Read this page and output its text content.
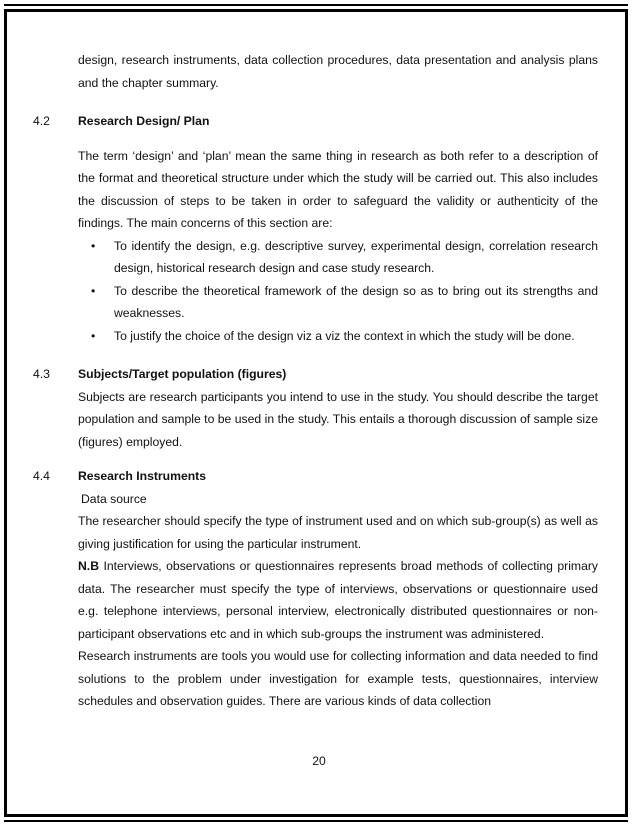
design, research instruments, data collection procedures, data presentation and analysis plans and the chapter summary.

4.2	Research Design/ Plan

The term ‘design’ and ‘plan’ mean the same thing in research as both refer to a description of the format and theoretical structure under which the study will be carried out. This also includes the discussion of steps to be taken in order to safeguard the validity or authenticity of the findings. The main concerns of this section are:

• To identify the design, e.g. descriptive survey, experimental design, correlation research design, historical research design and case study research.
• To describe the theoretical framework of the design so as to bring out its strengths and weaknesses.
• To justify the choice of the design viz a viz the context in which the study will be done.
4.3	Subjects/Target population (figures)

Subjects are research participants you intend to use in the study. You should describe the target population and sample to be used in the study. This entails a thorough discussion of sample size (figures) employed.

4.4	Research Instruments

Data source

The researcher should specify the type of instrument used and on which sub-group(s) as well as giving justification for using the particular instrument.

N.B Interviews, observations or questionnaires represents broad methods of collecting primary data. The researcher must specify the type of interviews, observations or questionnaire used e.g. telephone interviews, personal interview, electronically distributed questionnaires or non-participant observations etc and in which sub-groups the instrument was administered.

Research instruments are tools you would use for collecting information and data needed to find solutions to the problem under investigation for example tests, questionnaires, interview schedules and observation guides. There are various kinds of data collection

20
